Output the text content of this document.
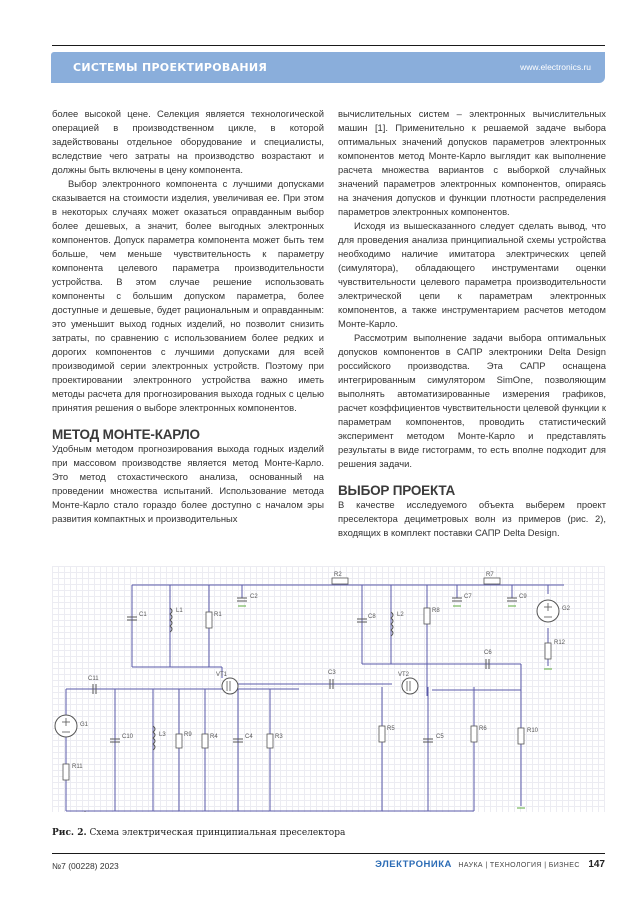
СИСТЕМЫ ПРОЕКТИРОВАНИЯ	www.electronics.ru

более высокой цене. Селекция является технологической операцией в производственном цикле, в которой задействованы отдельное оборудование и специалисты, вследствие чего затраты на производство возрастают и должны быть включены в цену компонента.

Выбор электронного компонента с лучшими допусками сказывается на стоимости изделия, увеличивая ее. При этом в некоторых случаях может оказаться оправданным выбор более дешевых, а значит, более выгодных электронных компонентов. Допуск параметра компонента может быть тем больше, чем меньше чувствительность к параметру компонента целевого параметра производительности устройства. В этом случае решение использовать компоненты с большим допуском параметра, более доступные и дешевые, будет рациональным и оправданным: это уменьшит выход годных изделий, но позволит снизить затраты, по сравнению с использованием более редких и дорогих компонентов с лучшими допусками для всей производимой серии электронных устройств. Поэтому при проектировании электронного устройства важно иметь методы расчета для прогнозирования выхода годных с целью принятия решения о выборе электронных компонентов.

МЕТОД МОНТЕ-КАРЛО

Удобным методом прогнозирования выхода годных изделий при массовом производстве является метод Монте-Карло. Это метод стохастического анализа, основанный на проведении множества испытаний. Использование метода Монте-Карло стало гораздо более доступно с началом эры развития компактных и производительных

вычислительных систем – электронных вычислительных машин [1]. Применительно к решаемой задаче выбора оптимальных значений допусков параметров электронных компонентов метод Монте-Карло выглядит как выполнение расчета множества вариантов с выборкой случайных значений параметров электронных компонентов, опираясь на значения допусков и функции плотности распределения параметров электронных компонентов.

Исходя из вышесказанного следует сделать вывод, что для проведения анализа принципиальной схемы устройства необходимо наличие имитатора электрических цепей (симулятора), обладающего инструментами оценки чувствительности целевого параметра производительности электрической цепи к параметрам электронных компонентов, а также инструментарием расчетов методом Монте-Карло.

Рассмотрим выполнение задачи выбора оптимальных допусков компонентов в САПР электроники Delta Design российского производства. Эта САПР оснащена интегрированным симулятором SimOne, позволяющим выполнять автоматизированные измерения графиков, расчет коэффициентов чувствительности целевой функции к параметрам компонентов, проводить статистический эксперимент методом Монте-Карло и представлять результаты в виде гистограмм, то есть вполне подходит для решения задачи.

ВЫБОР ПРОЕКТА

В качестве исследуемого объекта выберем проект преселектора дециметровых волн из примеров (рис. 2), входящих в комплект поставки САПР Delta Design.

C1
L1
R1
R2
C2
C11
G1
R11
C10	L3	R9	R4	C4	R3
VT1	C3
C8	L2
R8
R7
C7	C9
G2
R12
C6
VT2
R5
C5
R6	R10
Рис. 2. Схема электрическая принципиальная преселектора
№7 (00228) 2023	ЭЛЕКТРОНИКА НАУКА | ТЕХНОЛОГИЯ | БИЗНЕС 147
